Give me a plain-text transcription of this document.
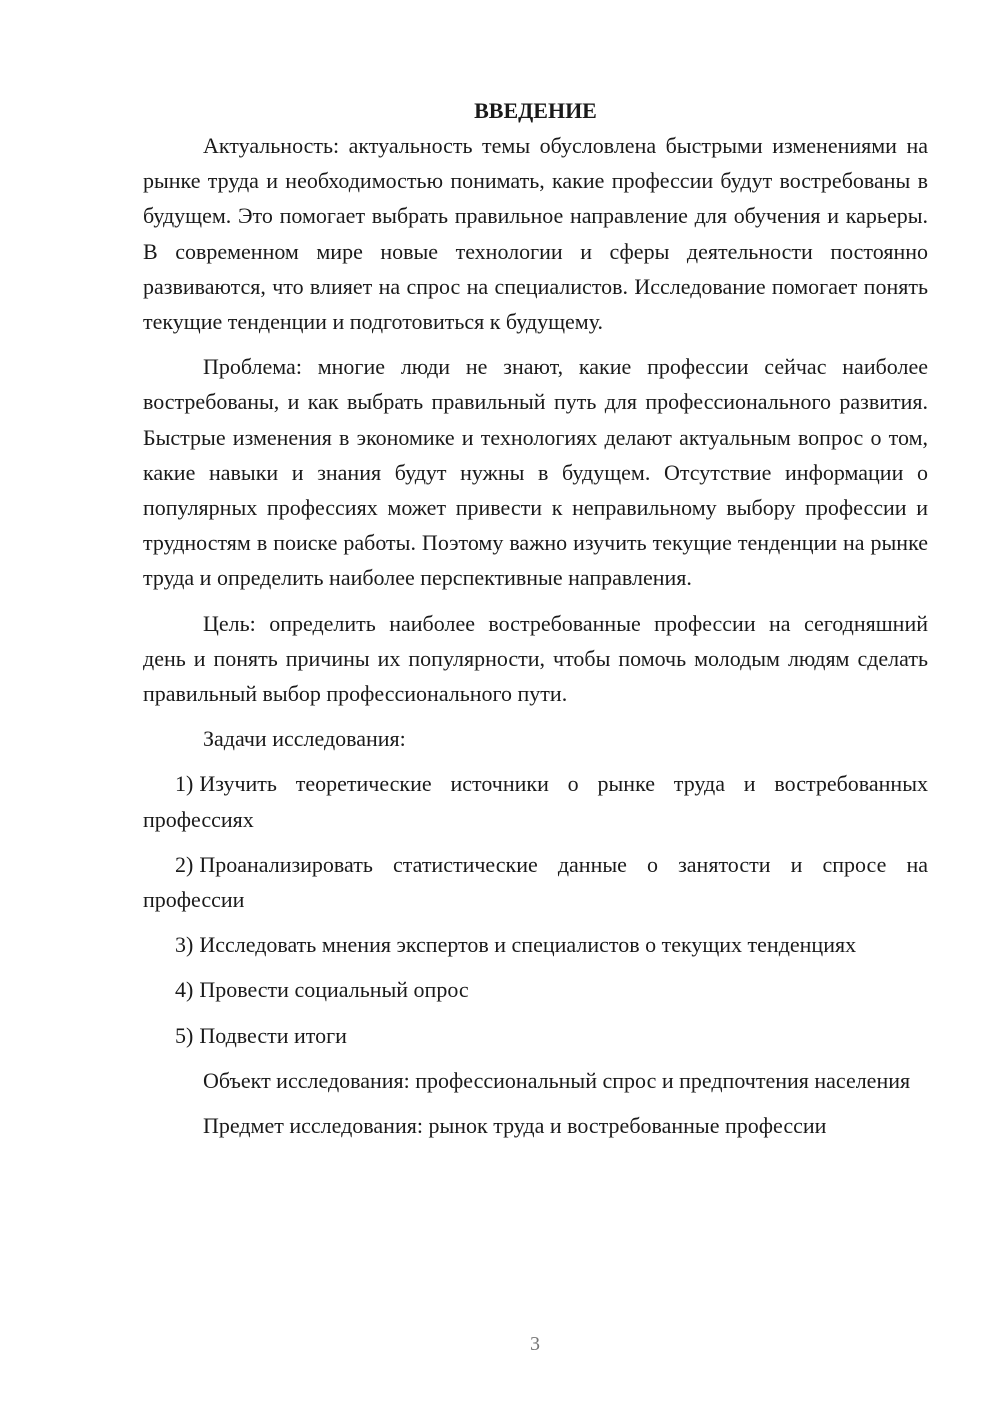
ВВЕДЕНИЕ

Актуальность: актуальность темы обусловлена быстрыми изменениями на рынке труда и необходимостью понимать, какие профессии будут востребованы в будущем. Это помогает выбрать правильное направление для обучения и карьеры. В современном мире новые технологии и сферы деятельности постоянно развиваются, что влияет на спрос на специалистов. Исследование помогает понять текущие тенденции и подготовиться к будущему.

Проблема: многие люди не знают, какие профессии сейчас наиболее востребованы, и как выбрать правильный путь для профессионального развития. Быстрые изменения в экономике и технологиях делают актуальным вопрос о том, какие навыки и знания будут нужны в будущем. Отсутствие информации о популярных профессиях может привести к неправильному выбору профессии и трудностям в поиске работы. Поэтому важно изучить текущие тенденции на рынке труда и определить наиболее перспективные направления.

Цель: определить наиболее востребованные профессии на сегодняшний день и понять причины их популярности, чтобы помочь молодым людям сделать правильный выбор профессионального пути.

Задачи исследования:

1) Изучить теоретические источники о рынке труда и востребованных профессиях

2) Проанализировать статистические данные о занятости и спросе на профессии

3) Исследовать мнения экспертов и специалистов о текущих тенденциях

4) Провести социальный опрос

5) Подвести итоги

Объект исследования: профессиональный спрос и предпочтения населения

Предмет исследования: рынок труда и востребованные профессии

3
